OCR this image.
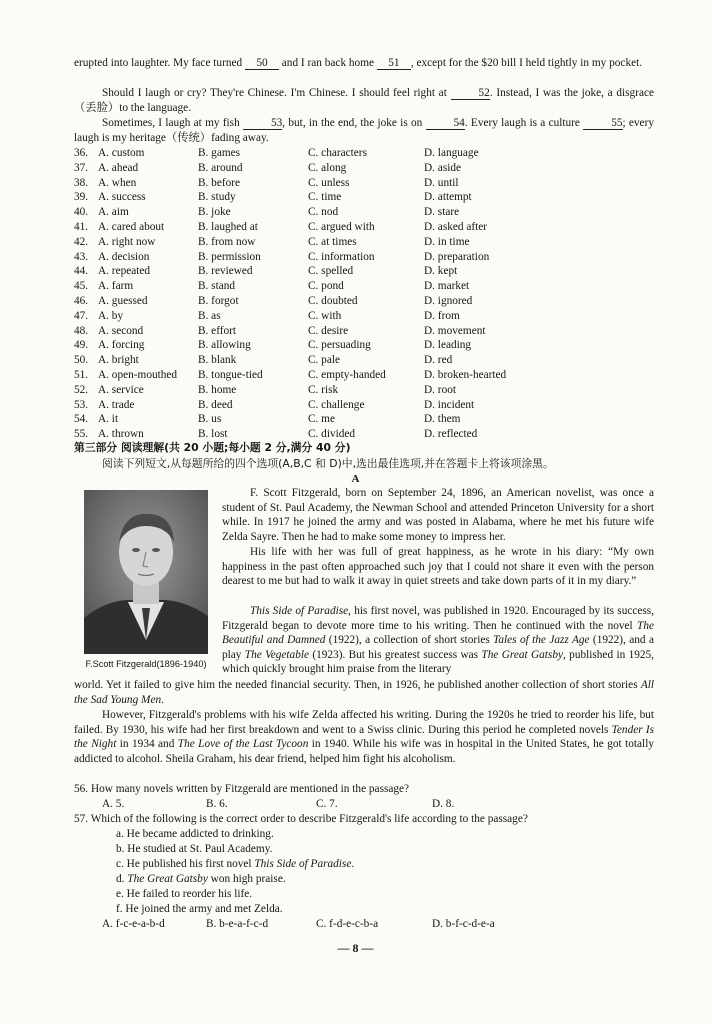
erupted into laughter. My face turned 50 and I ran back home 51 , except for the $20 bill I held tightly in my pocket.
Should I laugh or cry? They're Chinese. I'm Chinese. I should feel right at 52. Instead, I was the joke, a disgrace（丢脸）to the language.
Sometimes, I laugh at my fish 53, but, in the end, the joke is on 54. Every laugh is a culture 55; every laugh is my heritage（传统）fading away.
36. A. custom	B. games	C. characters	D. language
37. A. ahead	B. around	C. along	D. aside
38. A. when	B. before	C. unless	D. until
39. A. success	B. study	C. time	D. attempt
40. A. aim	B. joke	C. nod	D. stare
41. A. cared about	B. laughed at	C. argued with	D. asked after
42. A. right now	B. from now	C. at times	D. in time
43. A. decision	B. permission	C. information	D. preparation
44. A. repeated	B. reviewed	C. spelled	D. kept
45. A. farm	B. stand	C. pond	D. market
46. A. guessed	B. forgot	C. doubted	D. ignored
47. A. by	B. as	C. with	D. from
48. A. second	B. effort	C. desire	D. movement
49. A. forcing	B. allowing	C. persuading	D. leading
50. A. bright	B. blank	C. pale	D. red
51. A. open-mouthed	B. tongue-tied	C. empty-handed	D. broken-hearted
52. A. service	B. home	C. risk	D. root
53. A. trade	B. deed	C. challenge	D. incident
54. A. it	B. us	C. me	D. them
55. A. thrown	B. lost	C. divided	D. reflected
第三部分 阅读理解(共 20 小题;每小题 2 分,满分 40 分)
阅读下列短文,从每题所给的四个选项(A,B,C 和 D)中,选出最佳选项,并在答题卡上将该项涂黑。
A
F.Scott Fitzgerald(1896-1940)
F. Scott Fitzgerald, born on September 24, 1896, an American novelist, was once a student of St. Paul Academy, the Newman School and attended Princeton University for a short while. In 1917 he joined the army and was posted in Alabama, where he met his future wife Zelda Sayre. Then he had to make some money to impress her.
His life with her was full of great happiness, as he wrote in his diary: “My own happiness in the past often approached such joy that I could not share it even with the person dearest to me but had to walk it away in quiet streets and take down parts of it in my diary.”
This Side of Paradise, his first novel, was published in 1920. Encouraged by its success, Fitzgerald began to devote more time to his writing. Then he continued with the novel The Beautiful and Damned (1922), a collection of short stories Tales of the Jazz Age (1922), and a play The Vegetable (1923). But his greatest success was The Great Gatsby, published in 1925, which quickly brought him praise from the literary
world. Yet it failed to give him the needed financial security. Then, in 1926, he published another collection of short stories All the Sad Young Men.
However, Fitzgerald's problems with his wife Zelda affected his writing. During the 1920s he tried to reorder his life, but failed. By 1930, his wife had her first breakdown and went to a Swiss clinic. During this period he completed novels Tender Is the Night in 1934 and The Love of the Last Tycoon in 1940. While his wife was in hospital in the United States, he got totally addicted to alcohol. Sheila Graham, his dear friend, helped him fight his alcoholism.
56. How many novels written by Fitzgerald are mentioned in the passage?
A. 5.	B. 6.	C. 7.	D. 8.
57. Which of the following is the correct order to describe Fitzgerald's life according to the passage?
a. He became addicted to drinking.
b. He studied at St. Paul Academy.
c. He published his first novel This Side of Paradise.
d. The Great Gatsby won high praise.
e. He failed to reorder his life.
f. He joined the army and met Zelda.
A. f-c-e-a-b-d	B. b-e-a-f-c-d	C. f-d-e-c-b-a	D. b-f-c-d-e-a
— 8 —
